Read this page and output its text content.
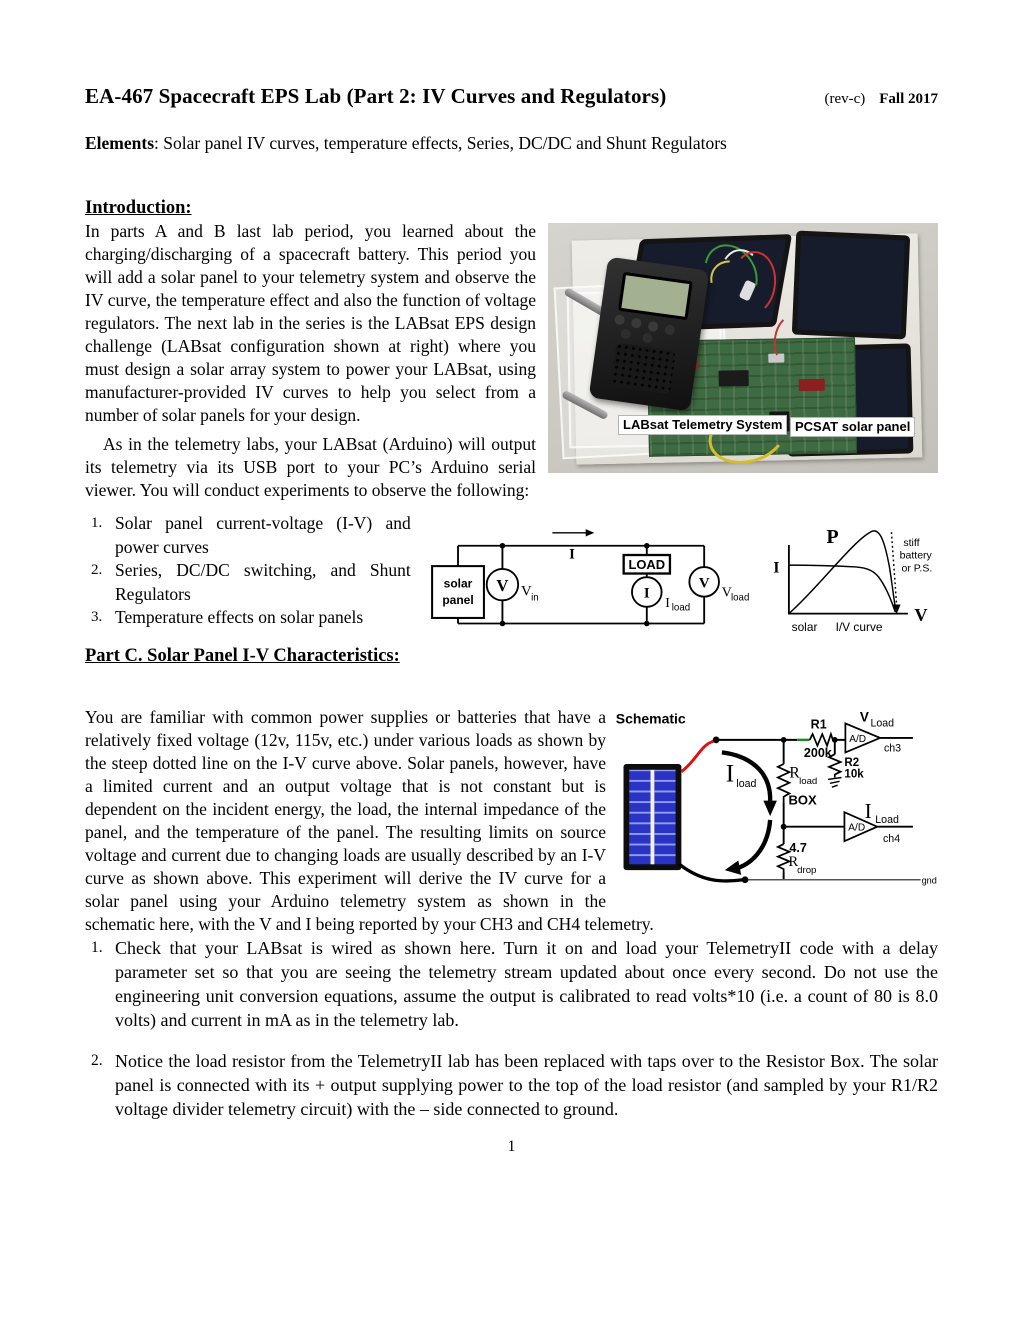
EA-467 Spacecraft EPS Lab (Part 2: IV Curves and Regulators)	(rev-c) Fall 2017
Elements: Solar panel IV curves, temperature effects, Series, DC/DC and Shunt Regulators
Introduction:
LABsat Telemetry System PCSAT solar panel

In parts A and B last lab period, you learned about the charging/discharging of a spacecraft battery. This period you will add a solar panel to your telemetry system and observe the IV curve, the temperature effect and also the function of voltage regulators. The next lab in the series is the LABsat EPS design challenge (LABsat configuration shown at right) where you must design a solar array system to power your LABsat, using manufacturer-provided IV curves to help you select from a number of solar panels for your design.

As in the telemetry labs, your LABsat (Arduino) will output its telemetry via its USB port to your PC’s Arduino serial viewer. You will conduct experiments to observe the following:

1. Solar panel current-voltage (I-V) and power curves
2. Series, DC/DC switching, and Shunt Regulators
3. Temperature effects on solar panels
solar
panel
V V in
I
LOAD
I
I load
V
V load
I
V
P	stiff
battery
or P.S.
solar I/V curve
Part C. Solar Panel I-V Characteristics:
Schematic
A/D
A/D
R1
200k
R2
10k
V Load
ch3
I load
R
load
BOX I Load
ch4
4.7
R
drop
gnd

You are familiar with common power supplies or batteries that have a relatively fixed voltage (12v, 115v, etc.) under various loads as shown by the steep dotted line on the I-V curve above. Solar panels, however, have a limited current and an output voltage that is not constant but is dependent on the incident energy, the load, the internal impedance of the panel, and the temperature of the panel. The resulting limits on source voltage and current due to changing loads are usually described by an I-V curve as shown above. This experiment will derive the IV curve for a solar panel using your Arduino telemetry system as shown in the schematic here, with the V and I being reported by your CH3 and CH4 telemetry.

1. Check that your LABsat is wired as shown here. Turn it on and load your TelemetryII code with a delay parameter set so that you are seeing the telemetry stream updated about once every second. Do not use the engineering unit conversion equations, assume the output is calibrated to read volts*10 (i.e. a count of 80 is 8.0 volts) and current in mA as in the telemetry lab.
2. Notice the load resistor from the TelemetryII lab has been replaced with taps over to the Resistor Box. The solar panel is connected with its + output supplying power to the top of the load resistor (and sampled by your R1/R2 voltage divider telemetry circuit) with the – side connected to ground.
1
